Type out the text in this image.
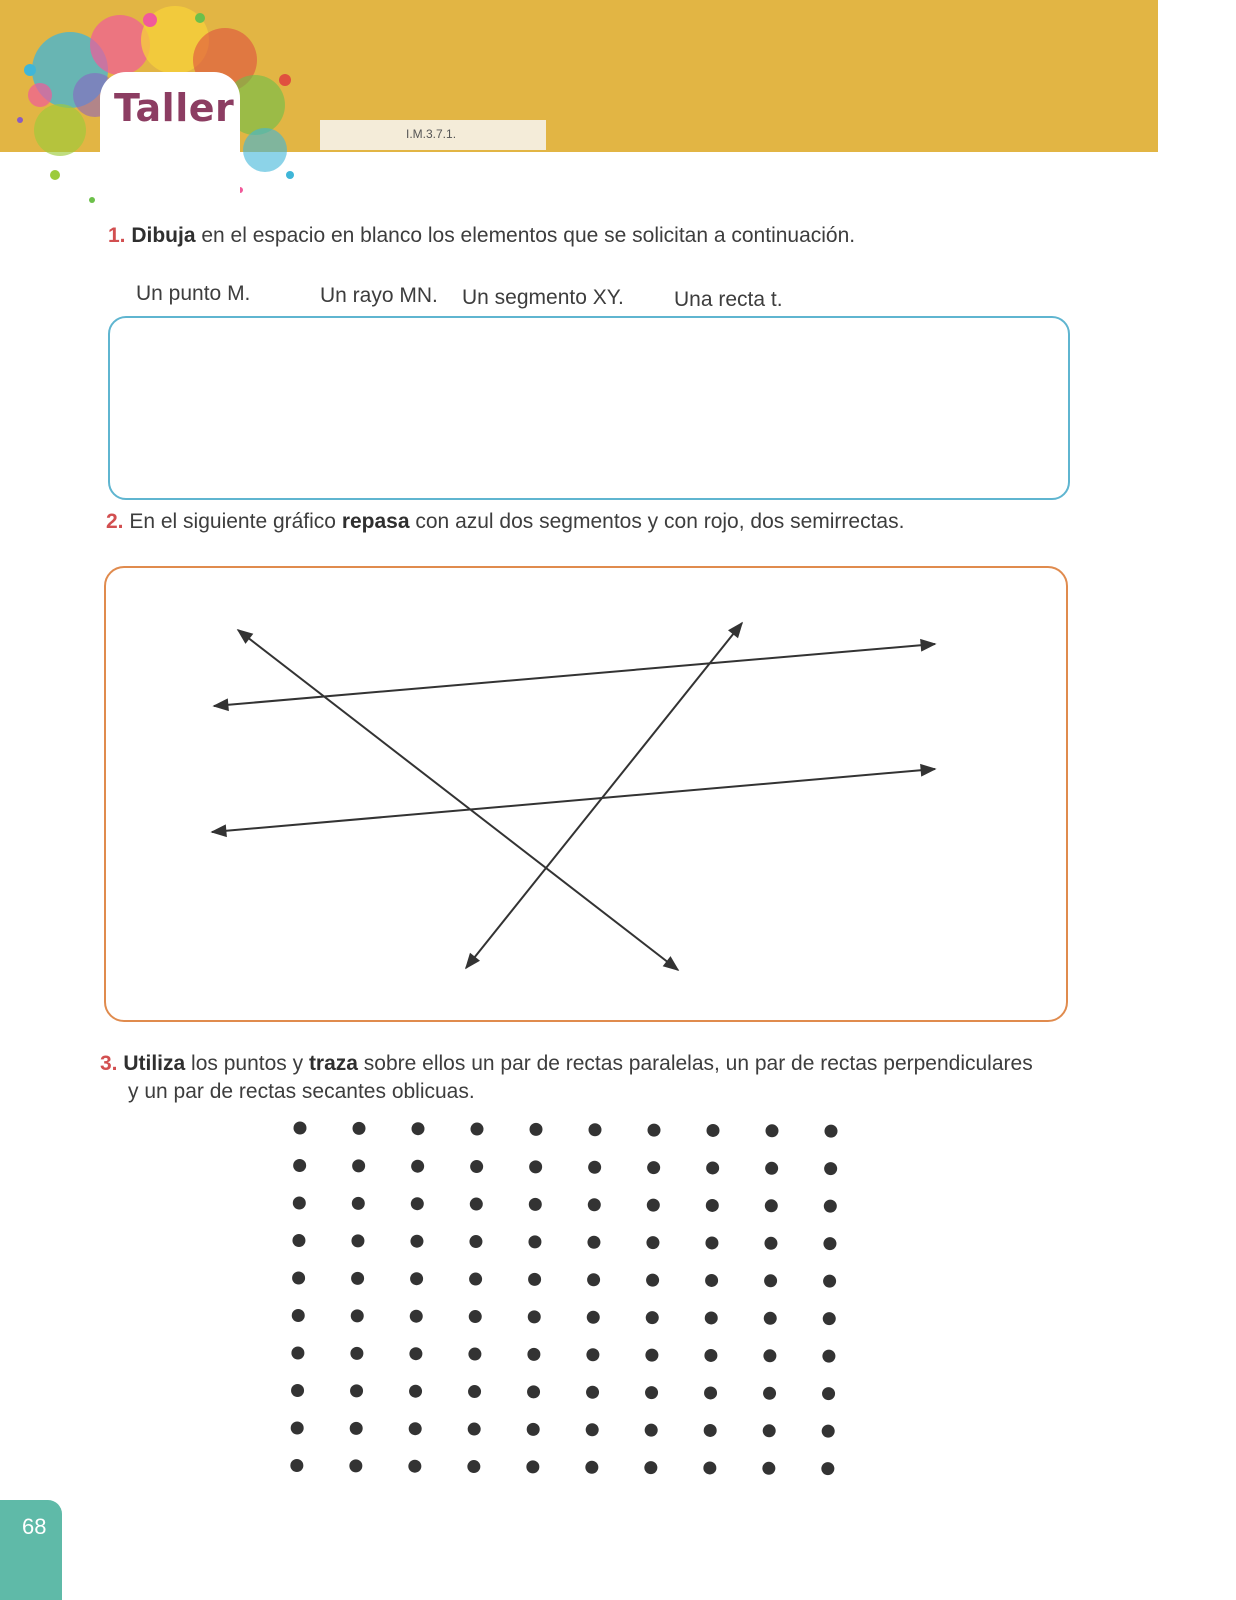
Taller
I.M.3.7.1.
1. Dibuja en el espacio en blanco los elementos que se solicitan a continuación.
Un punto M.	Un rayo MN. Un segmento XY. Una recta t.
2. En el siguiente gráfico repasa con azul dos segmentos y con rojo, dos semirrectas.
3. Utiliza los puntos y traza sobre ellos un par de rectas paralelas, un par de rectas perpendiculares
y un par de rectas secantes oblicuas.
68
